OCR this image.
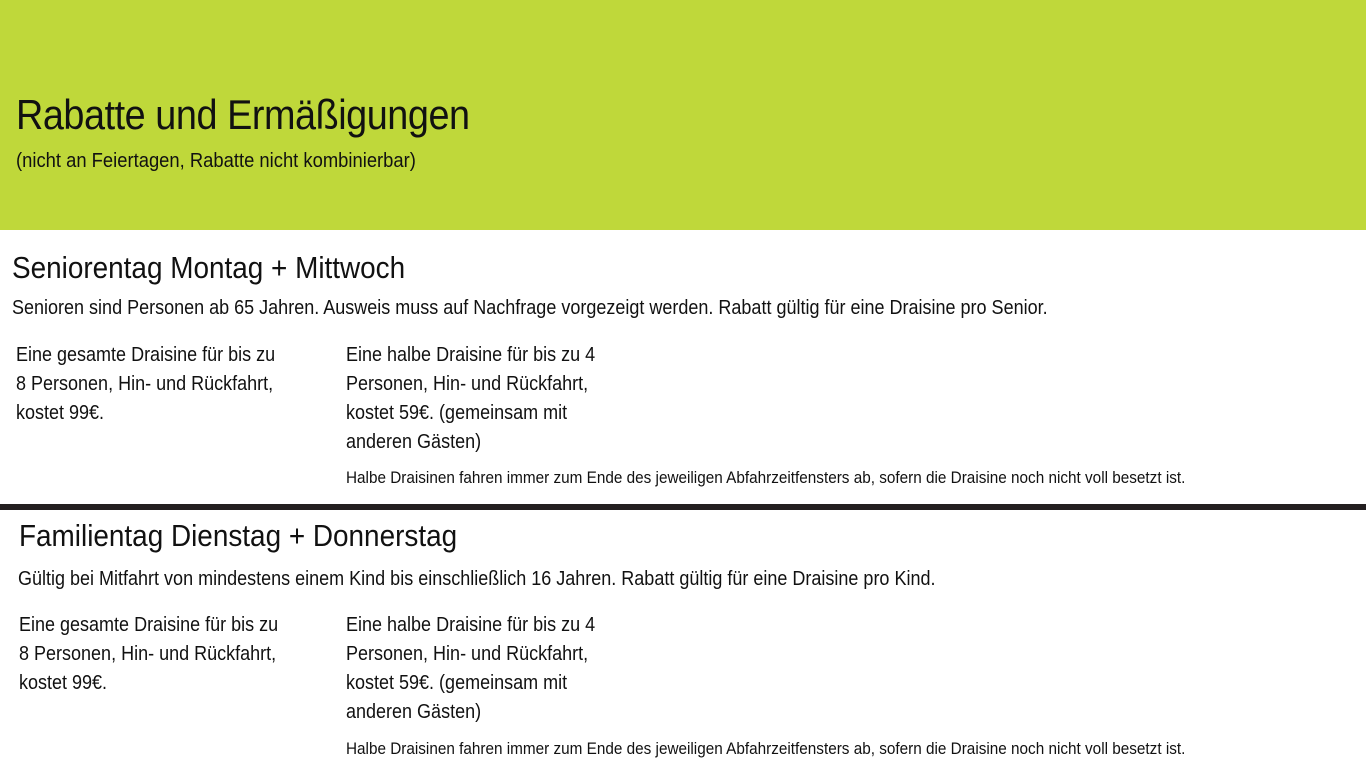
Rabatte und Ermäßigungen
(nicht an Feiertagen, Rabatte nicht kombinierbar)
Seniorentag Montag + Mittwoch
Senioren sind Personen ab 65 Jahren. Ausweis muss auf Nachfrage vorgezeigt werden. Rabatt gültig für eine Draisine pro Senior.
Eine gesamte Draisine für bis zu
8 Personen, Hin- und Rückfahrt,
kostet 99€.
Eine halbe Draisine für bis zu 4
Personen, Hin- und Rückfahrt,
kostet 59€. (gemeinsam mit
anderen Gästen)
Halbe Draisinen fahren immer zum Ende des jeweiligen Abfahrzeitfensters ab, sofern die Draisine noch nicht voll besetzt ist.
Familientag Dienstag + Donnerstag
Gültig bei Mitfahrt von mindestens einem Kind bis einschließlich 16 Jahren. Rabatt gültig für eine Draisine pro Kind.
Eine gesamte Draisine für bis zu
8 Personen, Hin- und Rückfahrt,
kostet 99€.
Eine halbe Draisine für bis zu 4
Personen, Hin- und Rückfahrt,
kostet 59€. (gemeinsam mit
anderen Gästen)
Halbe Draisinen fahren immer zum Ende des jeweiligen Abfahrzeitfensters ab, sofern die Draisine noch nicht voll besetzt ist.
